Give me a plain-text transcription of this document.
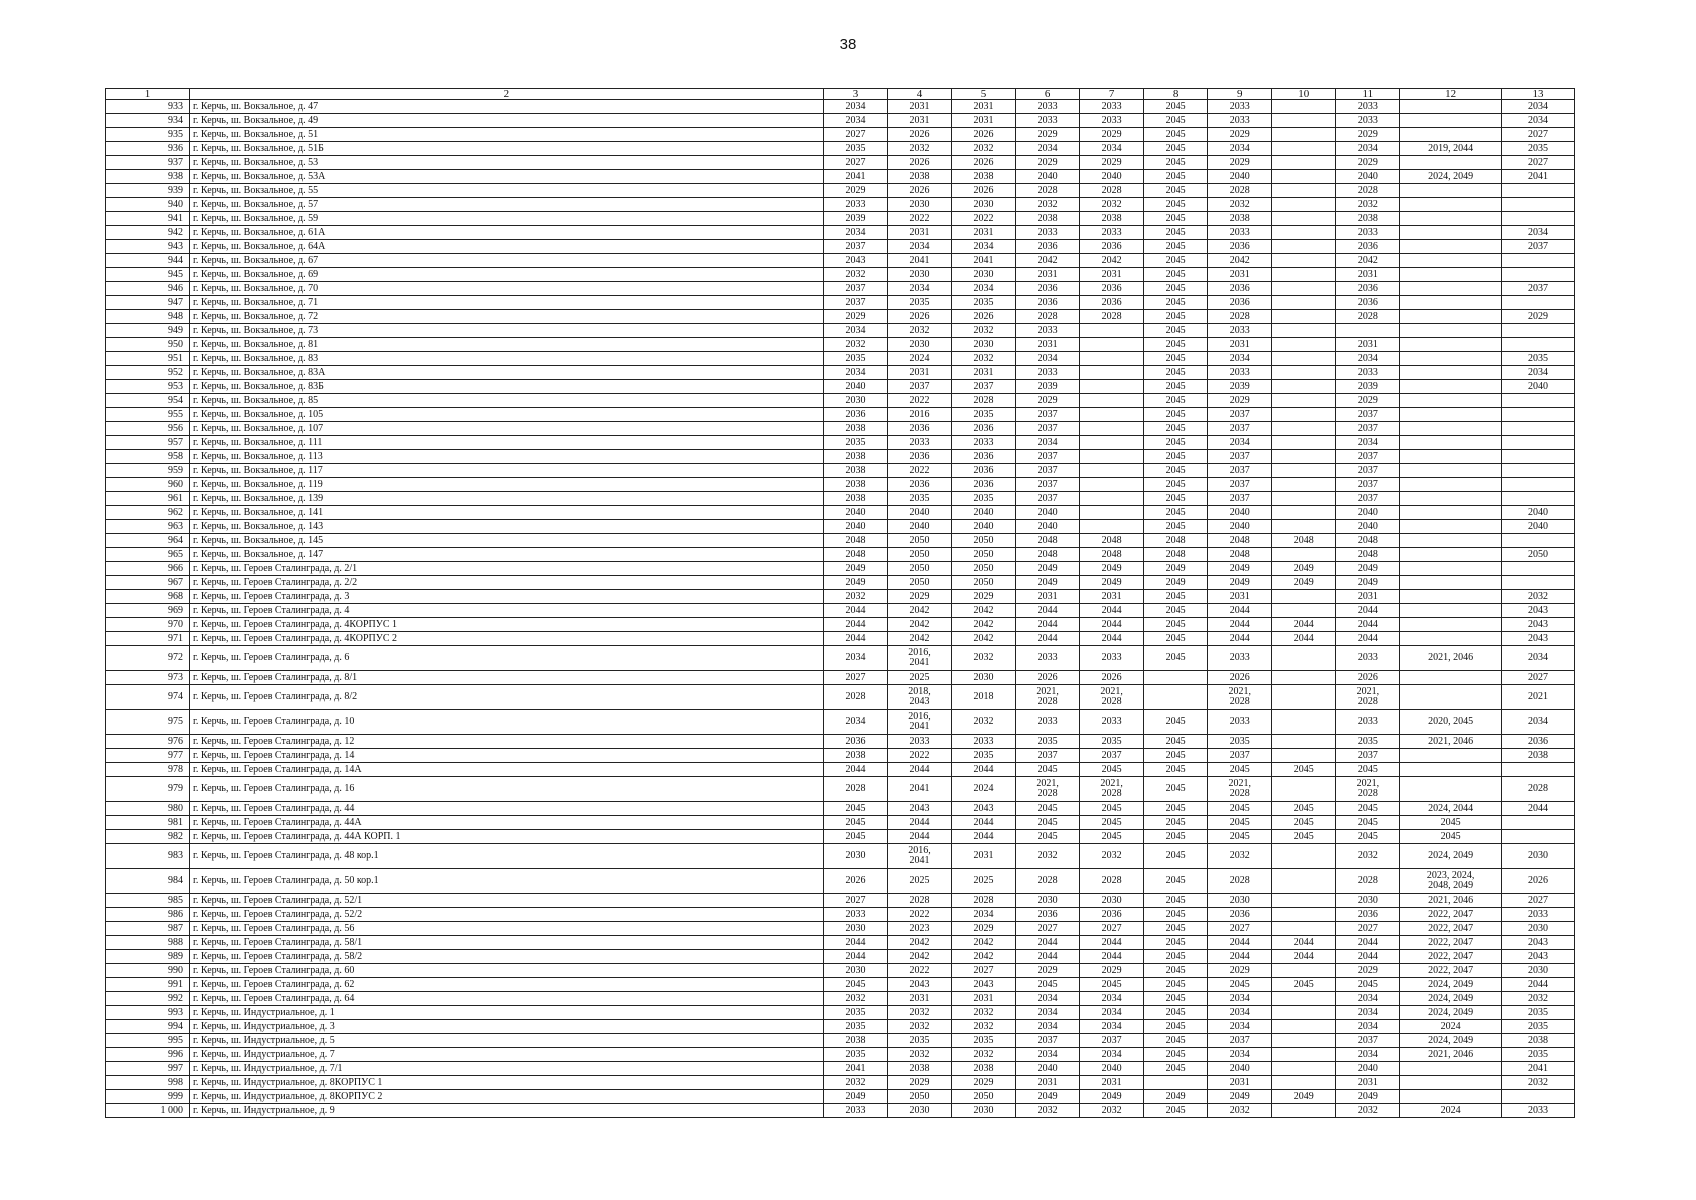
38
1	2	3	4	5	6	7	8	9	10	11	12	13
933	г. Керчь, ш. Вокзальное, д. 47	2034	2031	2031	2033	2033	2045	2033		2033		2034
934	г. Керчь, ш. Вокзальное, д. 49	2034	2031	2031	2033	2033	2045	2033		2033		2034
935	г. Керчь, ш. Вокзальное, д. 51	2027	2026	2026	2029	2029	2045	2029		2029		2027
936	г. Керчь, ш. Вокзальное, д. 51Б	2035	2032	2032	2034	2034	2045	2034		2034	2019, 2044	2035
937	г. Керчь, ш. Вокзальное, д. 53	2027	2026	2026	2029	2029	2045	2029		2029		2027
938	г. Керчь, ш. Вокзальное, д. 53А	2041	2038	2038	2040	2040	2045	2040		2040	2024, 2049	2041
939	г. Керчь, ш. Вокзальное, д. 55	2029	2026	2026	2028	2028	2045	2028		2028		
940	г. Керчь, ш. Вокзальное, д. 57	2033	2030	2030	2032	2032	2045	2032		2032		
941	г. Керчь, ш. Вокзальное, д. 59	2039	2022	2022	2038	2038	2045	2038		2038		
942	г. Керчь, ш. Вокзальное, д. 61А	2034	2031	2031	2033	2033	2045	2033		2033		2034
943	г. Керчь, ш. Вокзальное, д. 64А	2037	2034	2034	2036	2036	2045	2036		2036		2037
944	г. Керчь, ш. Вокзальное, д. 67	2043	2041	2041	2042	2042	2045	2042		2042		
945	г. Керчь, ш. Вокзальное, д. 69	2032	2030	2030	2031	2031	2045	2031		2031		
946	г. Керчь, ш. Вокзальное, д. 70	2037	2034	2034	2036	2036	2045	2036		2036		2037
947	г. Керчь, ш. Вокзальное, д. 71	2037	2035	2035	2036	2036	2045	2036		2036		
948	г. Керчь, ш. Вокзальное, д. 72	2029	2026	2026	2028	2028	2045	2028		2028		2029
949	г. Керчь, ш. Вокзальное, д. 73	2034	2032	2032	2033		2045	2033				
950	г. Керчь, ш. Вокзальное, д. 81	2032	2030	2030	2031		2045	2031		2031		
951	г. Керчь, ш. Вокзальное, д. 83	2035	2024	2032	2034		2045	2034		2034		2035
952	г. Керчь, ш. Вокзальное, д. 83А	2034	2031	2031	2033		2045	2033		2033		2034
953	г. Керчь, ш. Вокзальное, д. 83Б	2040	2037	2037	2039		2045	2039		2039		2040
954	г. Керчь, ш. Вокзальное, д. 85	2030	2022	2028	2029		2045	2029		2029		
955	г. Керчь, ш. Вокзальное, д. 105	2036	2016	2035	2037		2045	2037		2037		
956	г. Керчь, ш. Вокзальное, д. 107	2038	2036	2036	2037		2045	2037		2037		
957	г. Керчь, ш. Вокзальное, д. 111	2035	2033	2033	2034		2045	2034		2034		
958	г. Керчь, ш. Вокзальное, д. 113	2038	2036	2036	2037		2045	2037		2037		
959	г. Керчь, ш. Вокзальное, д. 117	2038	2022	2036	2037		2045	2037		2037		
960	г. Керчь, ш. Вокзальное, д. 119	2038	2036	2036	2037		2045	2037		2037		
961	г. Керчь, ш. Вокзальное, д. 139	2038	2035	2035	2037		2045	2037		2037		
962	г. Керчь, ш. Вокзальное, д. 141	2040	2040	2040	2040		2045	2040		2040		2040
963	г. Керчь, ш. Вокзальное, д. 143	2040	2040	2040	2040		2045	2040		2040		2040
964	г. Керчь, ш. Вокзальное, д. 145	2048	2050	2050	2048	2048	2048	2048	2048	2048		
965	г. Керчь, ш. Вокзальное, д. 147	2048	2050	2050	2048	2048	2048	2048		2048		2050
966	г. Керчь, ш. Героев Сталинграда, д. 2/1	2049	2050	2050	2049	2049	2049	2049	2049	2049		
967	г. Керчь, ш. Героев Сталинграда, д. 2/2	2049	2050	2050	2049	2049	2049	2049	2049	2049		
968	г. Керчь, ш. Героев Сталинграда, д. 3	2032	2029	2029	2031	2031	2045	2031		2031		2032
969	г. Керчь, ш. Героев Сталинграда, д. 4	2044	2042	2042	2044	2044	2045	2044		2044		2043
970	г. Керчь, ш. Героев Сталинграда, д. 4КОРПУС 1	2044	2042	2042	2044	2044	2045	2044	2044	2044		2043
971	г. Керчь, ш. Героев Сталинграда, д. 4КОРПУС 2	2044	2042	2042	2044	2044	2045	2044	2044	2044		2043
972	г. Керчь, ш. Героев Сталинграда, д. 6	2034	2016,
2041	2032	2033	2033	2045	2033		2033	2021, 2046	2034
973	г. Керчь, ш. Героев Сталинграда, д. 8/1	2027	2025	2030	2026	2026		2026		2026		2027
974	г. Керчь, ш. Героев Сталинграда, д. 8/2	2028	2018,
2043	2018	2021,
2028	2021,
2028		2021,
2028		2021,
2028		2021
975	г. Керчь, ш. Героев Сталинграда, д. 10	2034	2016,
2041	2032	2033	2033	2045	2033		2033	2020, 2045	2034
976	г. Керчь, ш. Героев Сталинграда, д. 12	2036	2033	2033	2035	2035	2045	2035		2035	2021, 2046	2036
977	г. Керчь, ш. Героев Сталинграда, д. 14	2038	2022	2035	2037	2037	2045	2037		2037		2038
978	г. Керчь, ш. Героев Сталинграда, д. 14А	2044	2044	2044	2045	2045	2045	2045	2045	2045		
979	г. Керчь, ш. Героев Сталинграда, д. 16	2028	2041	2024	2021,
2028	2021,
2028	2045	2021,
2028		2021,
2028		2028
980	г. Керчь, ш. Героев Сталинграда, д. 44	2045	2043	2043	2045	2045	2045	2045	2045	2045	2024, 2044	2044
981	г. Керчь, ш. Героев Сталинграда, д. 44А	2045	2044	2044	2045	2045	2045	2045	2045	2045	2045	
982	г. Керчь, ш. Героев Сталинграда, д. 44А КОРП. 1	2045	2044	2044	2045	2045	2045	2045	2045	2045	2045	
983	г. Керчь, ш. Героев Сталинграда, д. 48 кор.1	2030	2016,
2041	2031	2032	2032	2045	2032		2032	2024, 2049	2030
984	г. Керчь, ш. Героев Сталинграда, д. 50 кор.1	2026	2025	2025	2028	2028	2045	2028		2028	2023, 2024,
2048, 2049	2026
985	г. Керчь, ш. Героев Сталинграда, д. 52/1	2027	2028	2028	2030	2030	2045	2030		2030	2021, 2046	2027
986	г. Керчь, ш. Героев Сталинграда, д. 52/2	2033	2022	2034	2036	2036	2045	2036		2036	2022, 2047	2033
987	г. Керчь, ш. Героев Сталинграда, д. 56	2030	2023	2029	2027	2027	2045	2027		2027	2022, 2047	2030
988	г. Керчь, ш. Героев Сталинграда, д. 58/1	2044	2042	2042	2044	2044	2045	2044	2044	2044	2022, 2047	2043
989	г. Керчь, ш. Героев Сталинграда, д. 58/2	2044	2042	2042	2044	2044	2045	2044	2044	2044	2022, 2047	2043
990	г. Керчь, ш. Героев Сталинграда, д. 60	2030	2022	2027	2029	2029	2045	2029		2029	2022, 2047	2030
991	г. Керчь, ш. Героев Сталинграда, д. 62	2045	2043	2043	2045	2045	2045	2045	2045	2045	2024, 2049	2044
992	г. Керчь, ш. Героев Сталинграда, д. 64	2032	2031	2031	2034	2034	2045	2034		2034	2024, 2049	2032
993	г. Керчь, ш. Индустриальное, д. 1	2035	2032	2032	2034	2034	2045	2034		2034	2024, 2049	2035
994	г. Керчь, ш. Индустриальное, д. 3	2035	2032	2032	2034	2034	2045	2034		2034	2024	2035
995	г. Керчь, ш. Индустриальное, д. 5	2038	2035	2035	2037	2037	2045	2037		2037	2024, 2049	2038
996	г. Керчь, ш. Индустриальное, д. 7	2035	2032	2032	2034	2034	2045	2034		2034	2021, 2046	2035
997	г. Керчь, ш. Индустриальное, д. 7/1	2041	2038	2038	2040	2040	2045	2040		2040		2041
998	г. Керчь, ш. Индустриальное, д. 8КОРПУС 1	2032	2029	2029	2031	2031		2031		2031		2032
999	г. Керчь, ш. Индустриальное, д. 8КОРПУС 2	2049	2050	2050	2049	2049	2049	2049	2049	2049		
1 000	г. Керчь, ш. Индустриальное, д. 9	2033	2030	2030	2032	2032	2045	2032		2032	2024	2033
